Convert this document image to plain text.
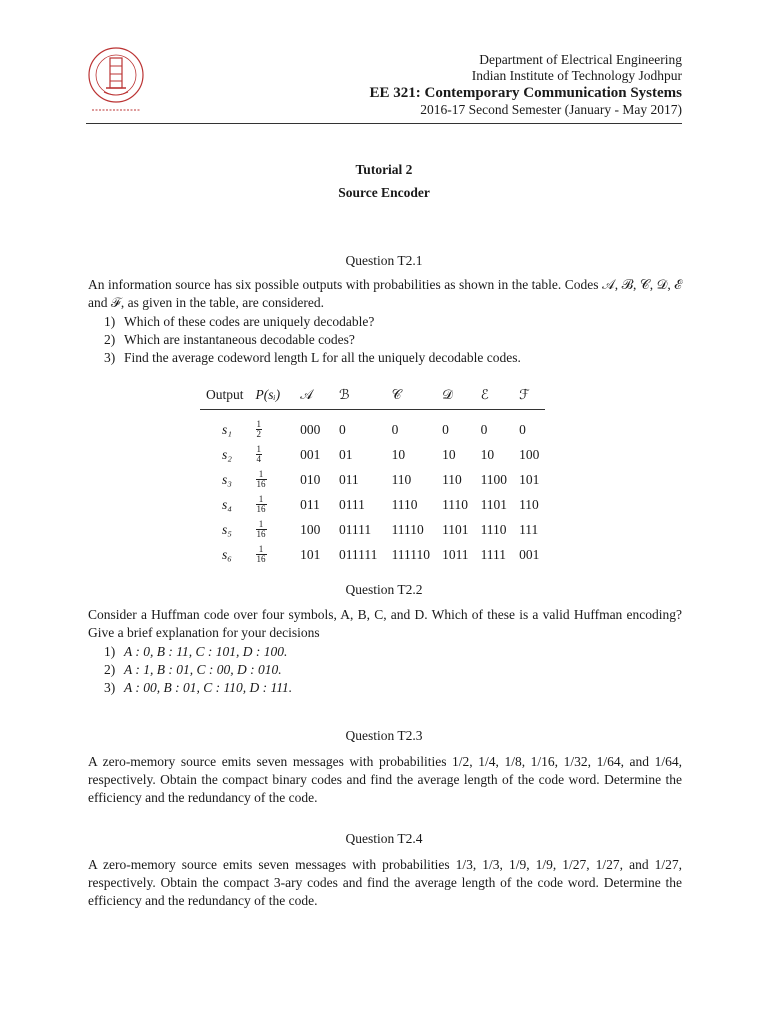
Department of Electrical Engineering
Indian Institute of Technology Jodhpur
EE 321: Contemporary Communication Systems
2016-17 Second Semester (January - May 2017)
Tutorial 2
Source Encoder
Question T2.1
An information source has six possible outputs with probabilities as shown in the table. Codes 𝒜, ℬ, 𝒞, 𝒟, ℰ and ℱ, as given in the table, are considered.
1) Which of these codes are uniquely decodable?
2) Which are instantaneous decodable codes?
3) Find the average codeword length L for all the uniquely decodable codes.
Output	P(sᵢ)	𝒜	ℬ	𝒞	𝒟	ℰ	ℱ
s₁	$\frac{1}{2}$	000	0	0	0	0	0
s₂	$\frac{1}{4}$	001	01	10	10	10	100
s₃	$\frac{1}{16}$	010	011	110	110	1100	101
s₄	$\frac{1}{16}$	011	0111	1110	1110	1101	110
s₅	$\frac{1}{16}$	100	01111	11110	1101	1110	111
s₆	$\frac{1}{16}$	101	011111	111110	1011	1111	001
Question T2.2
Consider a Huffman code over four symbols, A, B, C, and D. Which of these is a valid Huffman encoding? Give a brief explanation for your decisions
1) A : 0, B : 11, C : 101, D : 100.
2) A : 1, B : 01, C : 00, D : 010.
3) A : 00, B : 01, C : 110, D : 111.
Question T2.3
A zero-memory source emits seven messages with probabilities 1/2, 1/4, 1/8, 1/16, 1/32, 1/64, and 1/64, respectively. Obtain the compact binary codes and find the average length of the code word. Determine the efficiency and the redundancy of the code.
Question T2.4
A zero-memory source emits seven messages with probabilities 1/3, 1/3, 1/9, 1/9, 1/27, 1/27, and 1/27, respectively. Obtain the compact 3-ary codes and find the average length of the code word. Determine the efficiency and the redundancy of the code.
